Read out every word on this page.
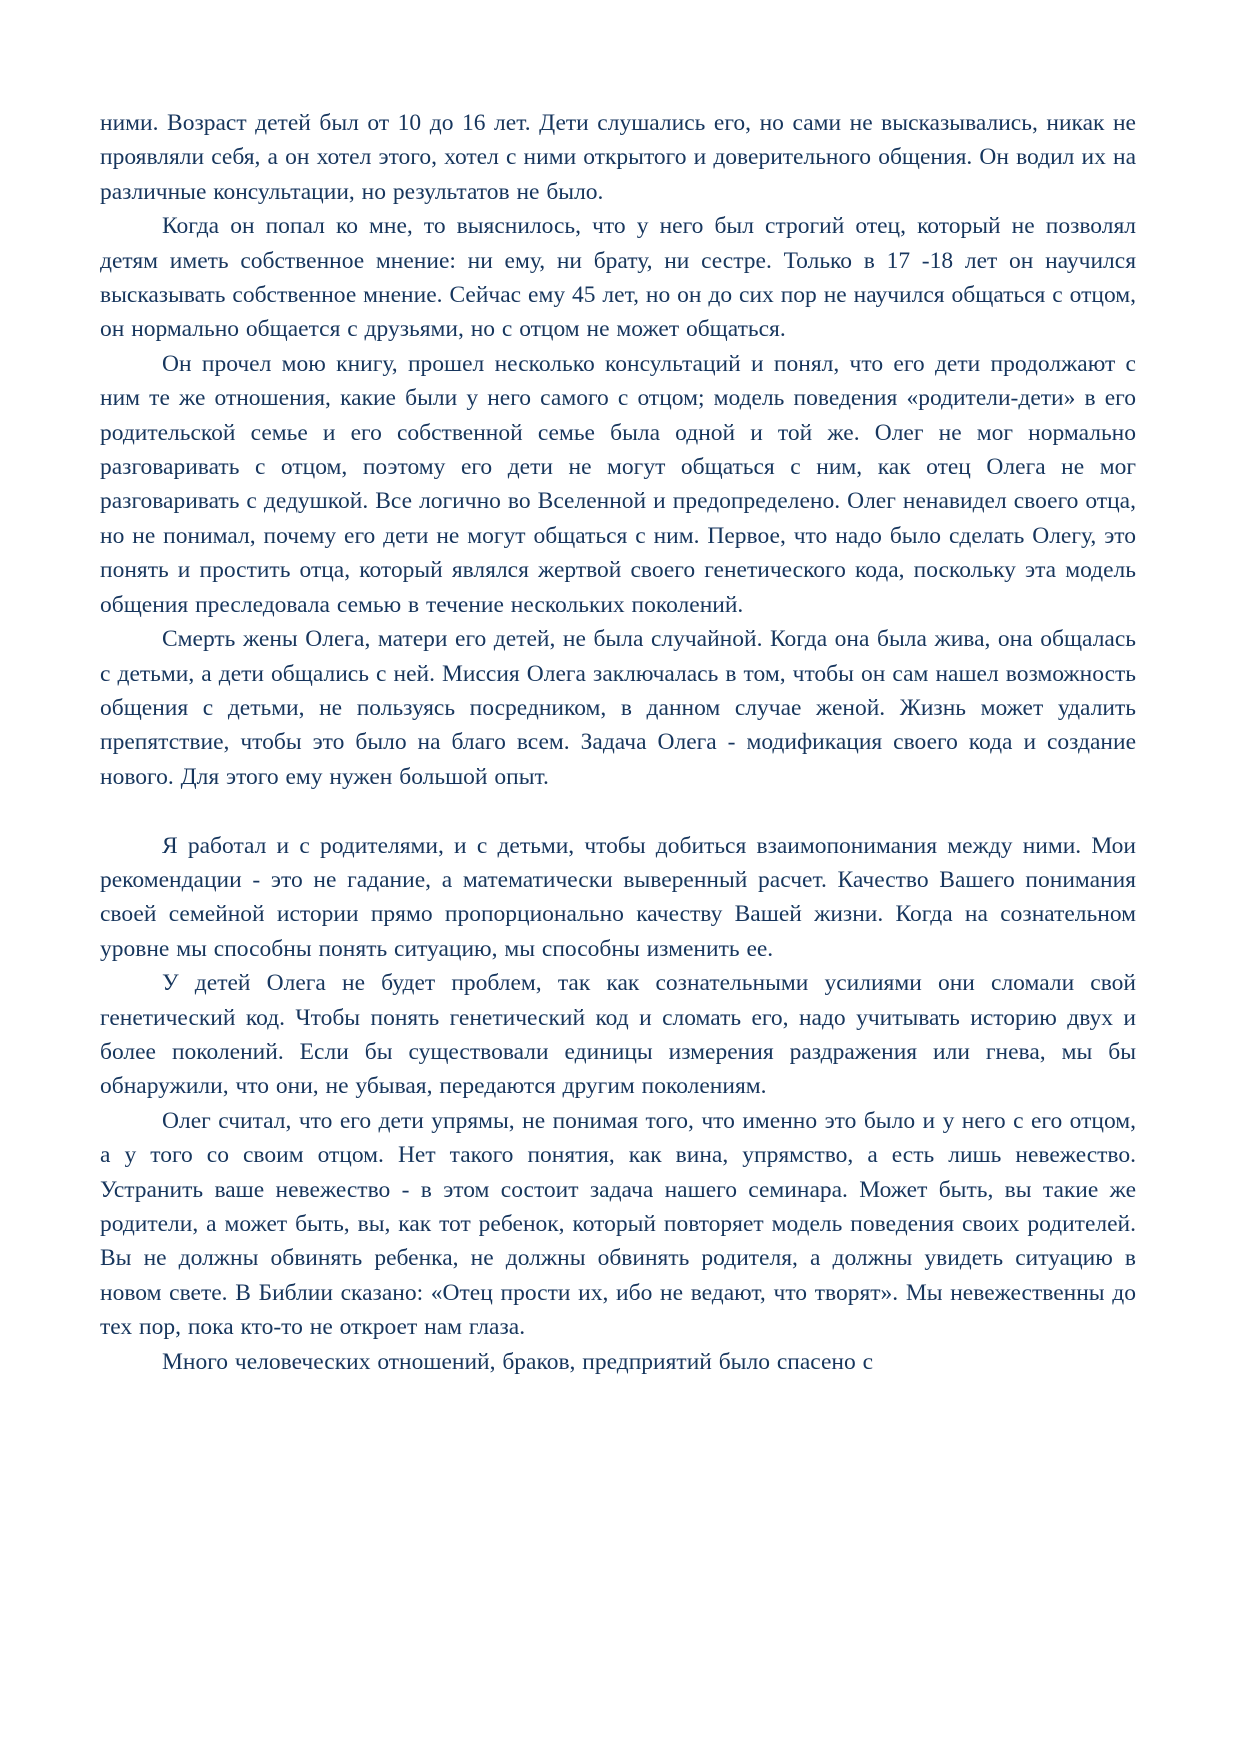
ними. Возраст детей был от 10 до 16 лет. Дети слушались его, но сами не высказывались, никак не проявляли себя, а он хотел этого, хотел с ними открытого и доверительного общения. Он водил их на различные консультации, но результатов не было.

Когда он попал ко мне, то выяснилось, что у него был строгий отец, который не позволял детям иметь собственное мнение: ни ему, ни брату, ни сестре. Только в 17 -18 лет он научился высказывать собственное мнение. Сейчас ему 45 лет, но он до сих пор не научился общаться с отцом, он нормально общается с друзьями, но с отцом не может общаться.

Он прочел мою книгу, прошел несколько консультаций и понял, что его дети продолжают с ним те же отношения, какие были у него самого с отцом; модель поведения «родители-дети» в его родительской семье и его собственной семье была одной и той же. Олег не мог нормально разговаривать с отцом, поэтому его дети не могут общаться с ним, как отец Олега не мог разговаривать с дедушкой. Все логично во Вселенной и предопределено. Олег ненавидел своего отца, но не понимал, почему его дети не могут общаться с ним. Первое, что надо было сделать Олегу, это понять и простить отца, который являлся жертвой своего генетического кода, поскольку эта модель общения преследовала семью в течение нескольких поколений.

Смерть жены Олега, матери его детей, не была случайной. Когда она была жива, она общалась с детьми, а дети общались с ней. Миссия Олега заключалась в том, чтобы он сам нашел возможность общения с детьми, не пользуясь посредником, в данном случае женой. Жизнь может удалить препятствие, чтобы это было на благо всем. Задача Олега - модификация своего кода и создание нового. Для этого ему нужен большой опыт.

Я работал и с родителями, и с детьми, чтобы добиться взаимопонимания между ними. Мои рекомендации - это не гадание, а математически выверенный расчет. Качество Вашего понимания своей семейной истории прямо пропорционально качеству Вашей жизни. Когда на сознательном уровне мы способны понять ситуацию, мы способны изменить ее.

У детей Олега не будет проблем, так как сознательными усилиями они сломали свой генетический код. Чтобы понять генетический код и сломать его, надо учитывать историю двух и более поколений. Если бы существовали единицы измерения раздражения или гнева, мы бы обнаружили, что они, не убывая, передаются другим поколениям.

Олег считал, что его дети упрямы, не понимая того, что именно это было и у него с его отцом, а у того со своим отцом. Нет такого понятия, как вина, упрямство, а есть лишь невежество. Устранить ваше невежество - в этом состоит задача нашего семинара. Может быть, вы такие же родители, а может быть, вы, как тот ребенок, который повторяет модель поведения своих родителей. Вы не должны обвинять ребенка, не должны обвинять родителя, а должны увидеть ситуацию в новом свете. В Библии сказано: «Отец прости их, ибо не ведают, что творят». Мы невежественны до тех пор, пока кто-то не откроет нам глаза.

Много человеческих отношений, браков, предприятий было спасено с
